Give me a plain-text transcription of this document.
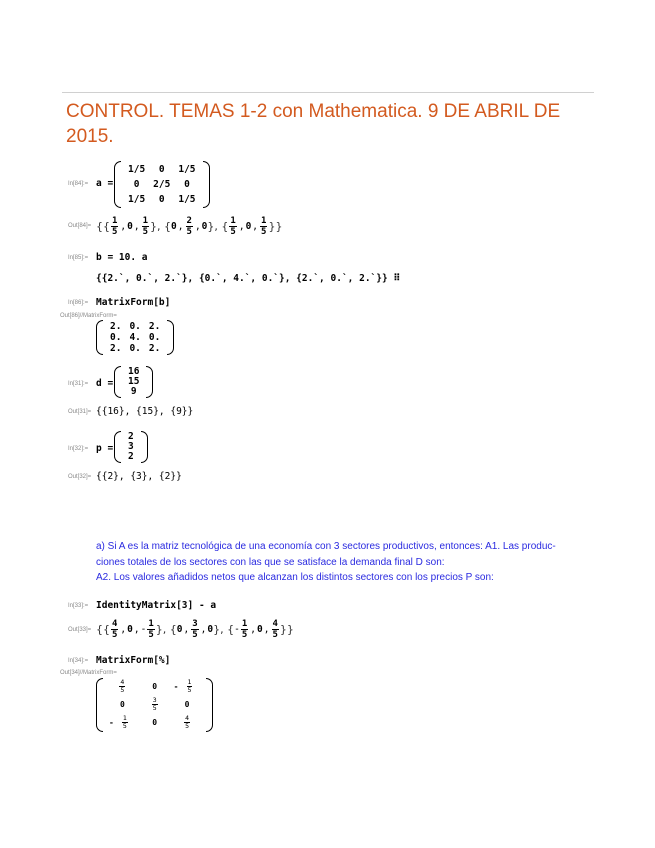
CONTROL. TEMAS 1-2 con Mathematica. 9 DE ABRIL DE 2015.
In[84]:= a =
1/5	0	1/5
0	2/5	0
1/5	0	1/5
Out[84]= {{ $\frac{1}{5}$ , 0 , $\frac{1}{5}$ }, { 0 , $\frac{2}{5}$ , 0 }, { $\frac{1}{5}$ , 0 , $\frac{1}{5}$ }}
In[85]:= b = 10. a
{{2.`, 0.`, 2.`}, {0.`, 4.`, 0.`}, {2.`, 0.`, 2.`}} ⠿
In[86]:= MatrixForm[b]
Out[86]//MatrixForm=
2. 0. 2.
0. 4. 0.
2. 0. 2.
In[31]:= d =
16
15
9
Out[31]= {{16}, {15}, {9}}
In[32]:= p =
2
3
2
Out[32]= {{2}, {3}, {2}}
a) Si A es la matriz tecnológica de una economía con 3 sectores productivos, entonces: A1. Las produc-
ciones totales de los sectores con las que se satisface la demanda final D son:
A2. Los valores añadidos netos que alcanzan los distintos sectores con los precios P son:
In[33]:= IdentityMatrix[3] - a
Out[33]= {{ $\frac{4}{5}$ , 0 , - $\frac{1}{5}$ }, { 0 , $\frac{3}{5}$ , 0 }, { - $\frac{1}{5}$ , 0 , $\frac{4}{5}$ }}
In[34]:= MatrixForm[%]
Out[34]//MatrixForm=
$\frac{4}{5}$	0	- $\frac{1}{5}$
0	$\frac{3}{5}$	0
- $\frac{1}{5}$	0	$\frac{4}{5}$
